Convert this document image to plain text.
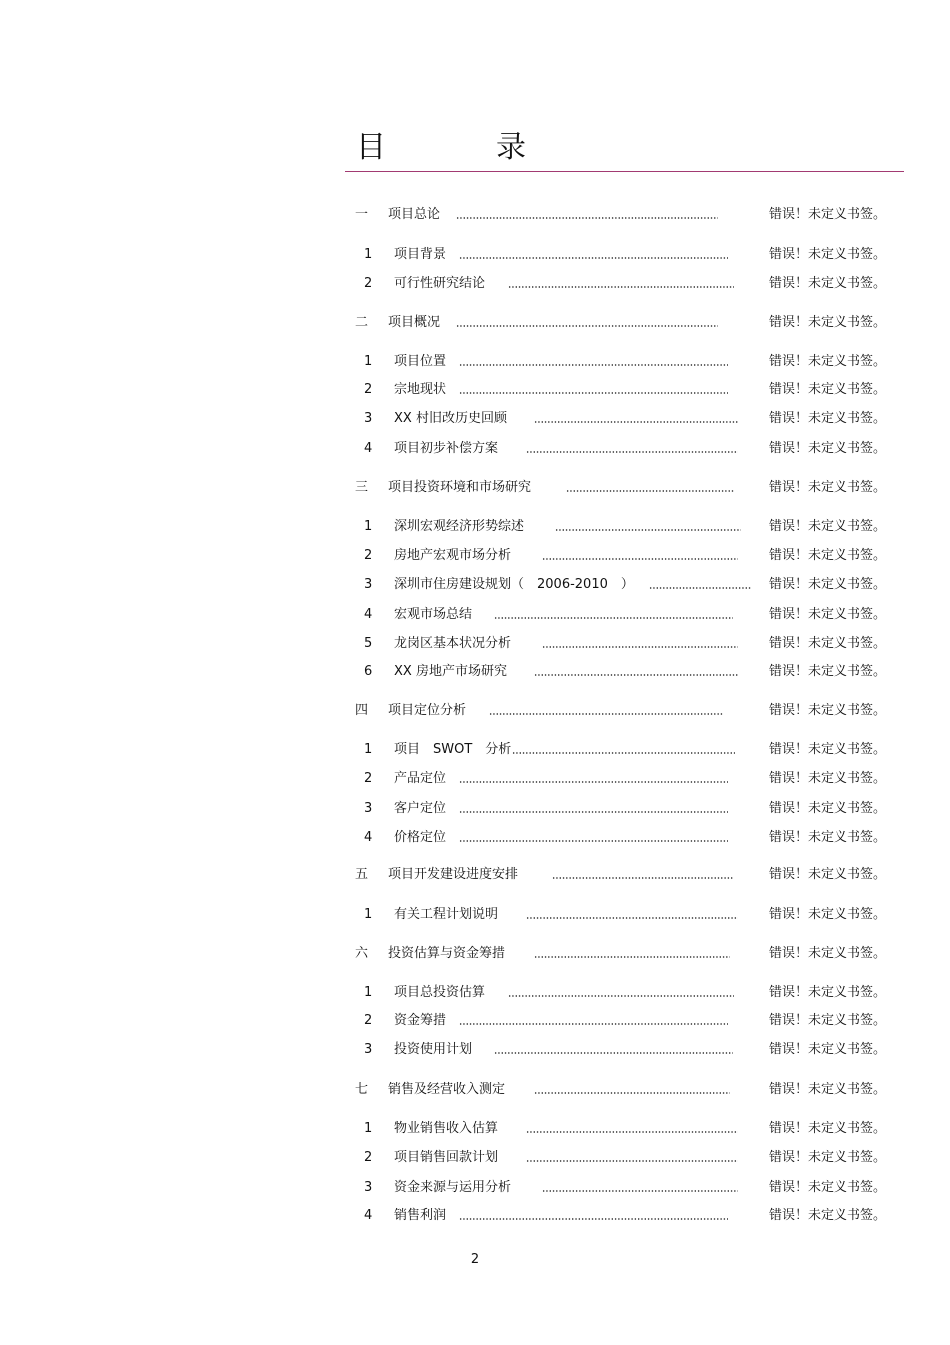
目　录
一 项目总论	错误！未定义书签。
1 项目背景	错误！未定义书签。
2 可行性研究结论	错误！未定义书签。
二 项目概况	错误！未定义书签。
1 项目位置	错误！未定义书签。
2 宗地现状	错误！未定义书签。
3 XX 村旧改历史回顾	错误！未定义书签。
4 项目初步补偿方案	错误！未定义书签。
三 项目投资环境和市场研究	错误！未定义书签。
1 深圳宏观经济形势综述	错误！未定义书签。
2 房地产宏观市场分析	错误！未定义书签。
3 深圳市住房建设规划（　2006-2010　）	错误！未定义书签。
4 宏观市场总结	错误！未定义书签。
5 龙岗区基本状况分析	错误！未定义书签。
6 XX 房地产市场研究	错误！未定义书签。
四 项目定位分析	错误！未定义书签。
1 项目　SWOT　分析	错误！未定义书签。
2 产品定位	错误！未定义书签。
3 客户定位	错误！未定义书签。
4 价格定位	错误！未定义书签。
五 项目开发建设进度安排	错误！未定义书签。
1 有关工程计划说明	错误！未定义书签。
六 投资估算与资金筹措	错误！未定义书签。
1 项目总投资估算	错误！未定义书签。
2 资金筹措	错误！未定义书签。
3 投资使用计划	错误！未定义书签。
七 销售及经营收入测定	错误！未定义书签。
1 物业销售收入估算	错误！未定义书签。
2 项目销售回款计划	错误！未定义书签。
3 资金来源与运用分析	错误！未定义书签。
4 销售利润	错误！未定义书签。
2
